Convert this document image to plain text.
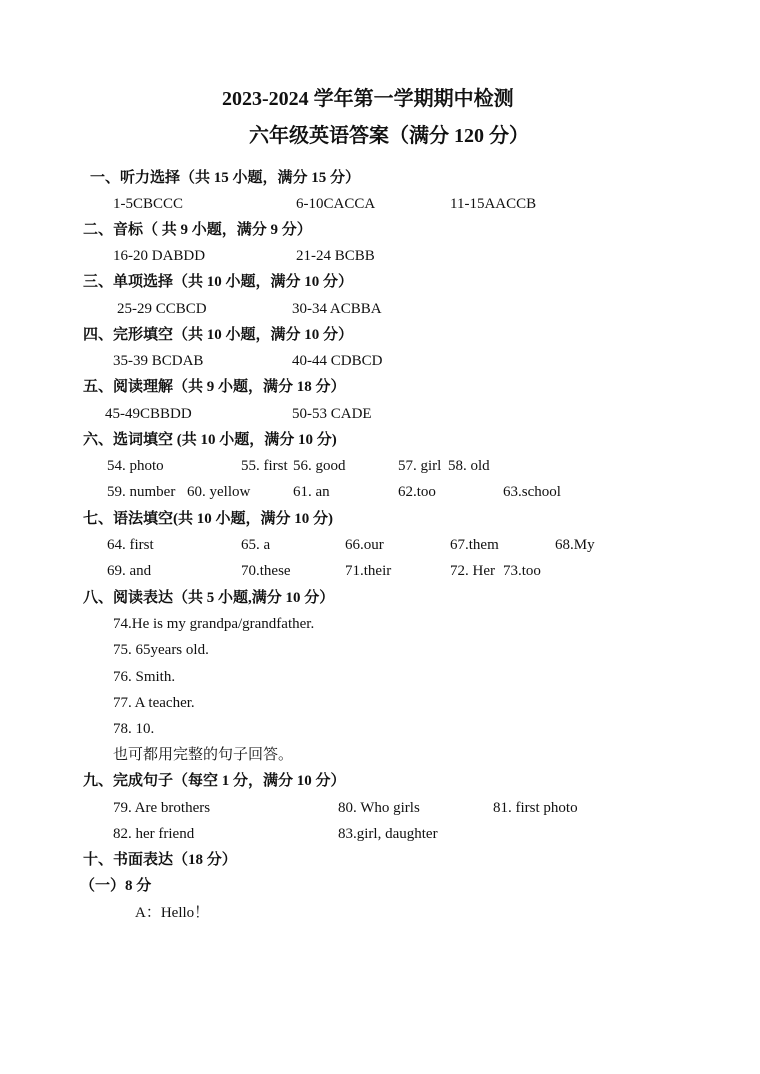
2023-2024 学年第一学期期中检测
六年级英语答案（满分 120 分）
一、听力选择（共 15 小题，满分 15 分）
1-5CBCCC	6-10CACCA	11-15AACCB
二、音标（ 共 9 小题，满分 9 分）
16-20 DABDD	21-24 BCBB
三、单项选择（共 10 小题，满分 10 分）
25-29 CCBCD	30-34 ACBBA
四、完形填空（共 10 小题，满分 10 分）
35-39 BCDAB	40-44 CDBCD
五、阅读理解（共 9 小题，满分 18 分）
45-49CBBDD	50-53 CADE
六、选词填空 (共 10 小题，满分 10 分)
54. photo	55. first 56. good	57. girl 58. old
59. number 60. yellow	61. an	62.too	63.school
七、语法填空(共 10 小题，满分 10 分)
64. first	65. a	66.our	67.them	68.My
69. and	70.these	71.their	72. Her 73.too
八、阅读表达（共 5 小题,满分 10 分）
74.He is my grandpa/grandfather.
75. 65years old.
76. Smith.
77. A teacher.
78. 10.
也可都用完整的句子回答。
九、完成句子（每空 1 分，满分 10 分）
79. Are brothers	80. Who girls	81. first photo
82. her friend	83.girl, daughter
十、书面表达（18 分）
（一）8 分
A：Hello！
